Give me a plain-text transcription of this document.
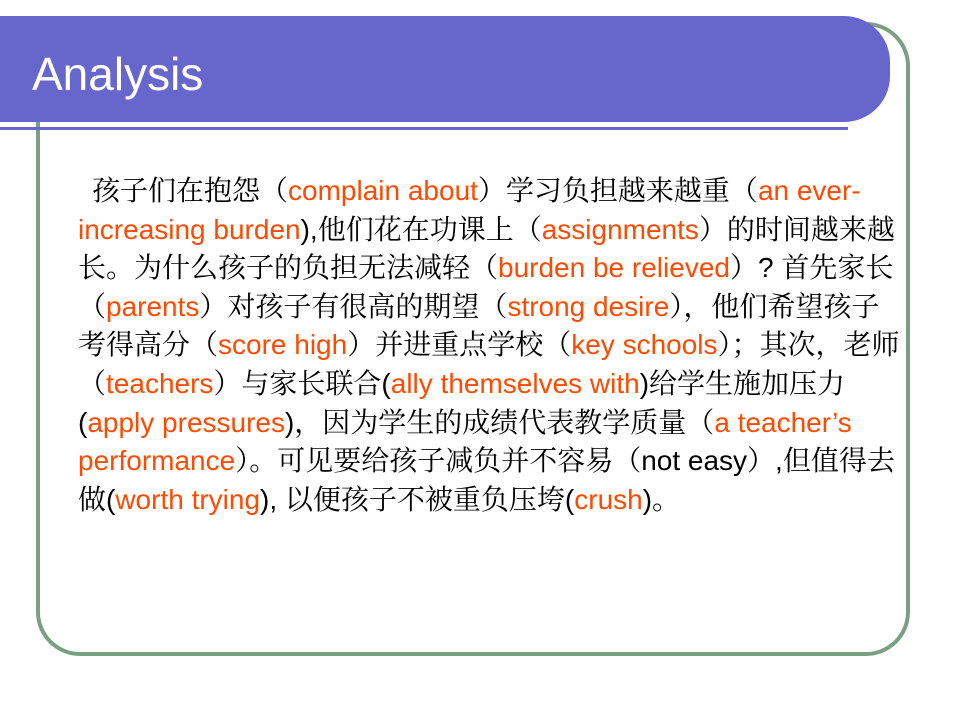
Analysis
孩子们在抱怨（complain about）学习负担越来越重（an ever-increasing burden),他们花在功课上（assignments）的时间越来越长。为什么孩子的负担无法减轻（burden be relieved）? 首先家长（parents）对孩子有很高的期望（strong desire），他们希望孩子考得高分（score high）并进重点学校（key schools）；其次，老师（teachers）与家长联合(ally themselves with)给学生施加压力(apply pressures)，因为学生的成绩代表教学质量（a teacher’s performance）。可见要给孩子减负并不容易（not easy）,但值得去做(worth trying), 以便孩子不被重负压垮(crush)。
